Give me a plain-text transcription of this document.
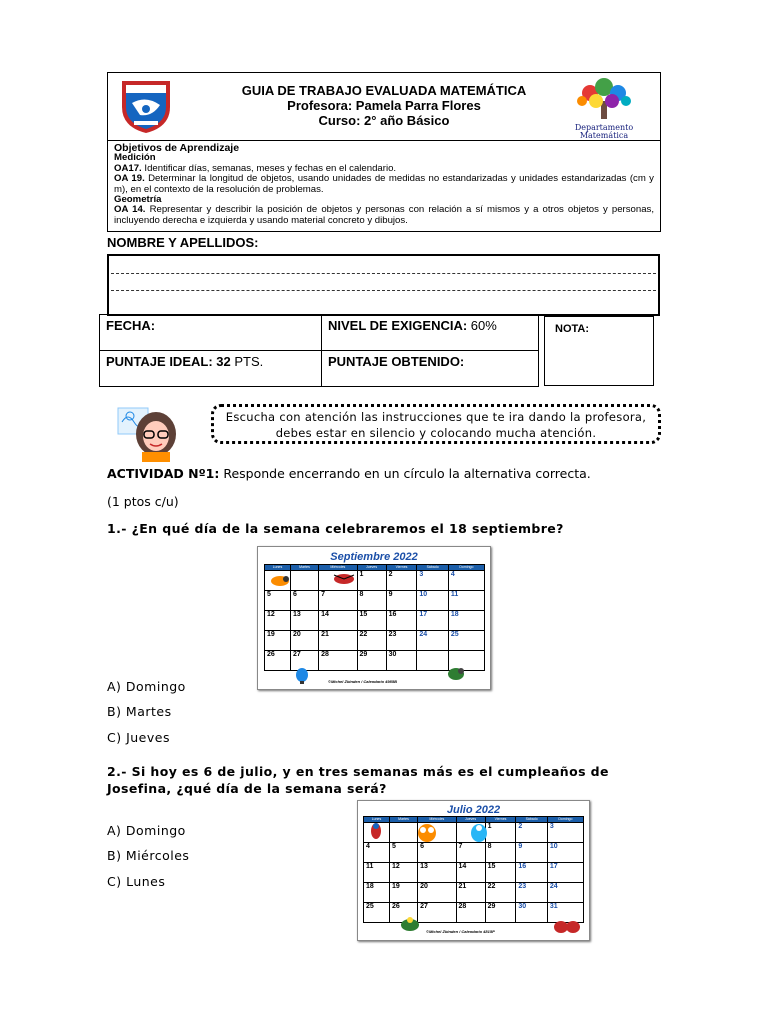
GUIA DE TRABAJO EVALUADA MATEMÁTICA
Profesora: Pamela Parra Flores
Curso: 2° año Básico	Departamento
Matemática
Objetivos de Aprendizaje
Medición
OA17. Identificar días, semanas, meses y fechas en el calendario.
OA 19. Determinar la longitud de objetos, usando unidades de medidas no estandarizadas y unidades estandarizadas (cm y m), en el contexto de la resolución de problemas.
Geometría
OA 14. Representar y describir la posición de objetos y personas con relación a sí mismos y a otros objetos y personas, incluyendo derecha e izquierda y usando material concreto y dibujos.
NOMBRE Y APELLIDOS:
FECHA:	NIVEL DE EXIGENCIA: 60%
PUNTAJE IDEAL: 32 PTS.	PUNTAJE OBTENIDO:
NOTA:
Escucha con atención las instrucciones que te ira dando la profesora,
debes estar en silencio y colocando mucha atención.
ACTIVIDAD Nº1: Responde encerrando en un círculo la alternativa correcta.
(1 ptos c/u)
1.- ¿En qué día de la semana celebraremos el 18 septiembre?
Septiembre 2022
Lunes	Martes	Miércoles	Jueves	Viernes	Sábado	Domingo
			1	2	3	4
5	6	7	8	9	10	11
12	13	14	15	16	17	18
19	20	21	22	23	24	25
26	27	28	29	30		
©Michel Zbinden / Calendario 4985B
A) Domingo
B) Martes
C) Jueves
2.- Si hoy es 6 de julio, y en tres semanas más es el cumpleaños de
Josefina, ¿qué día de la semana será?
A) Domingo
B) Miércoles
C) Lunes
Julio 2022
Lunes	Martes	Miércoles	Jueves	Viernes	Sábado	Domingo
				1	2	3
4	5	6	7	8	9	10
11	12	13	14	15	16	17
18	19	20	21	22	23	24
25	26	27	28	29	30	31
©Michel Zbinden / Calendario 4815P
